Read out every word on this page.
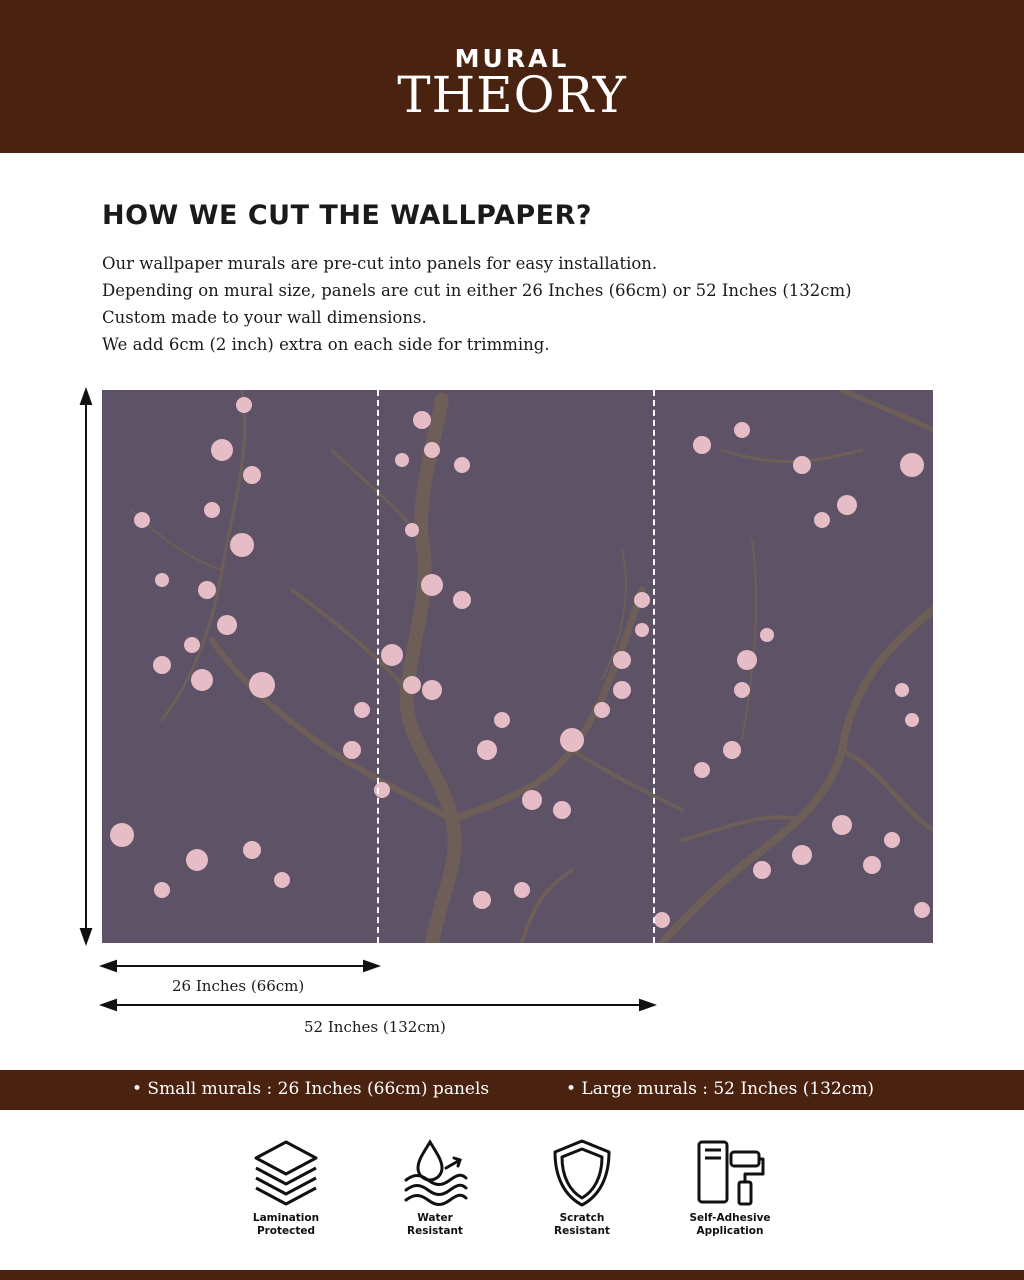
MURAL
THEORY
HOW WE CUT THE WALLPAPER?
Our wallpaper murals are pre-cut into panels for easy installation.
Depending on mural size, panels are cut in either 26 Inches (66cm) or 52 Inches (132cm)
Custom made to your wall dimensions.
We add 6cm (2 inch) extra on each side for trimming.
26 Inches (66cm)
52 Inches (132cm)
• Small murals : 26 Inches (66cm) panels	• Large murals : 52 Inches (132cm)
Lamination
Protected
Water
Resistant
Scratch
Resistant
Self-Adhesive
Application
